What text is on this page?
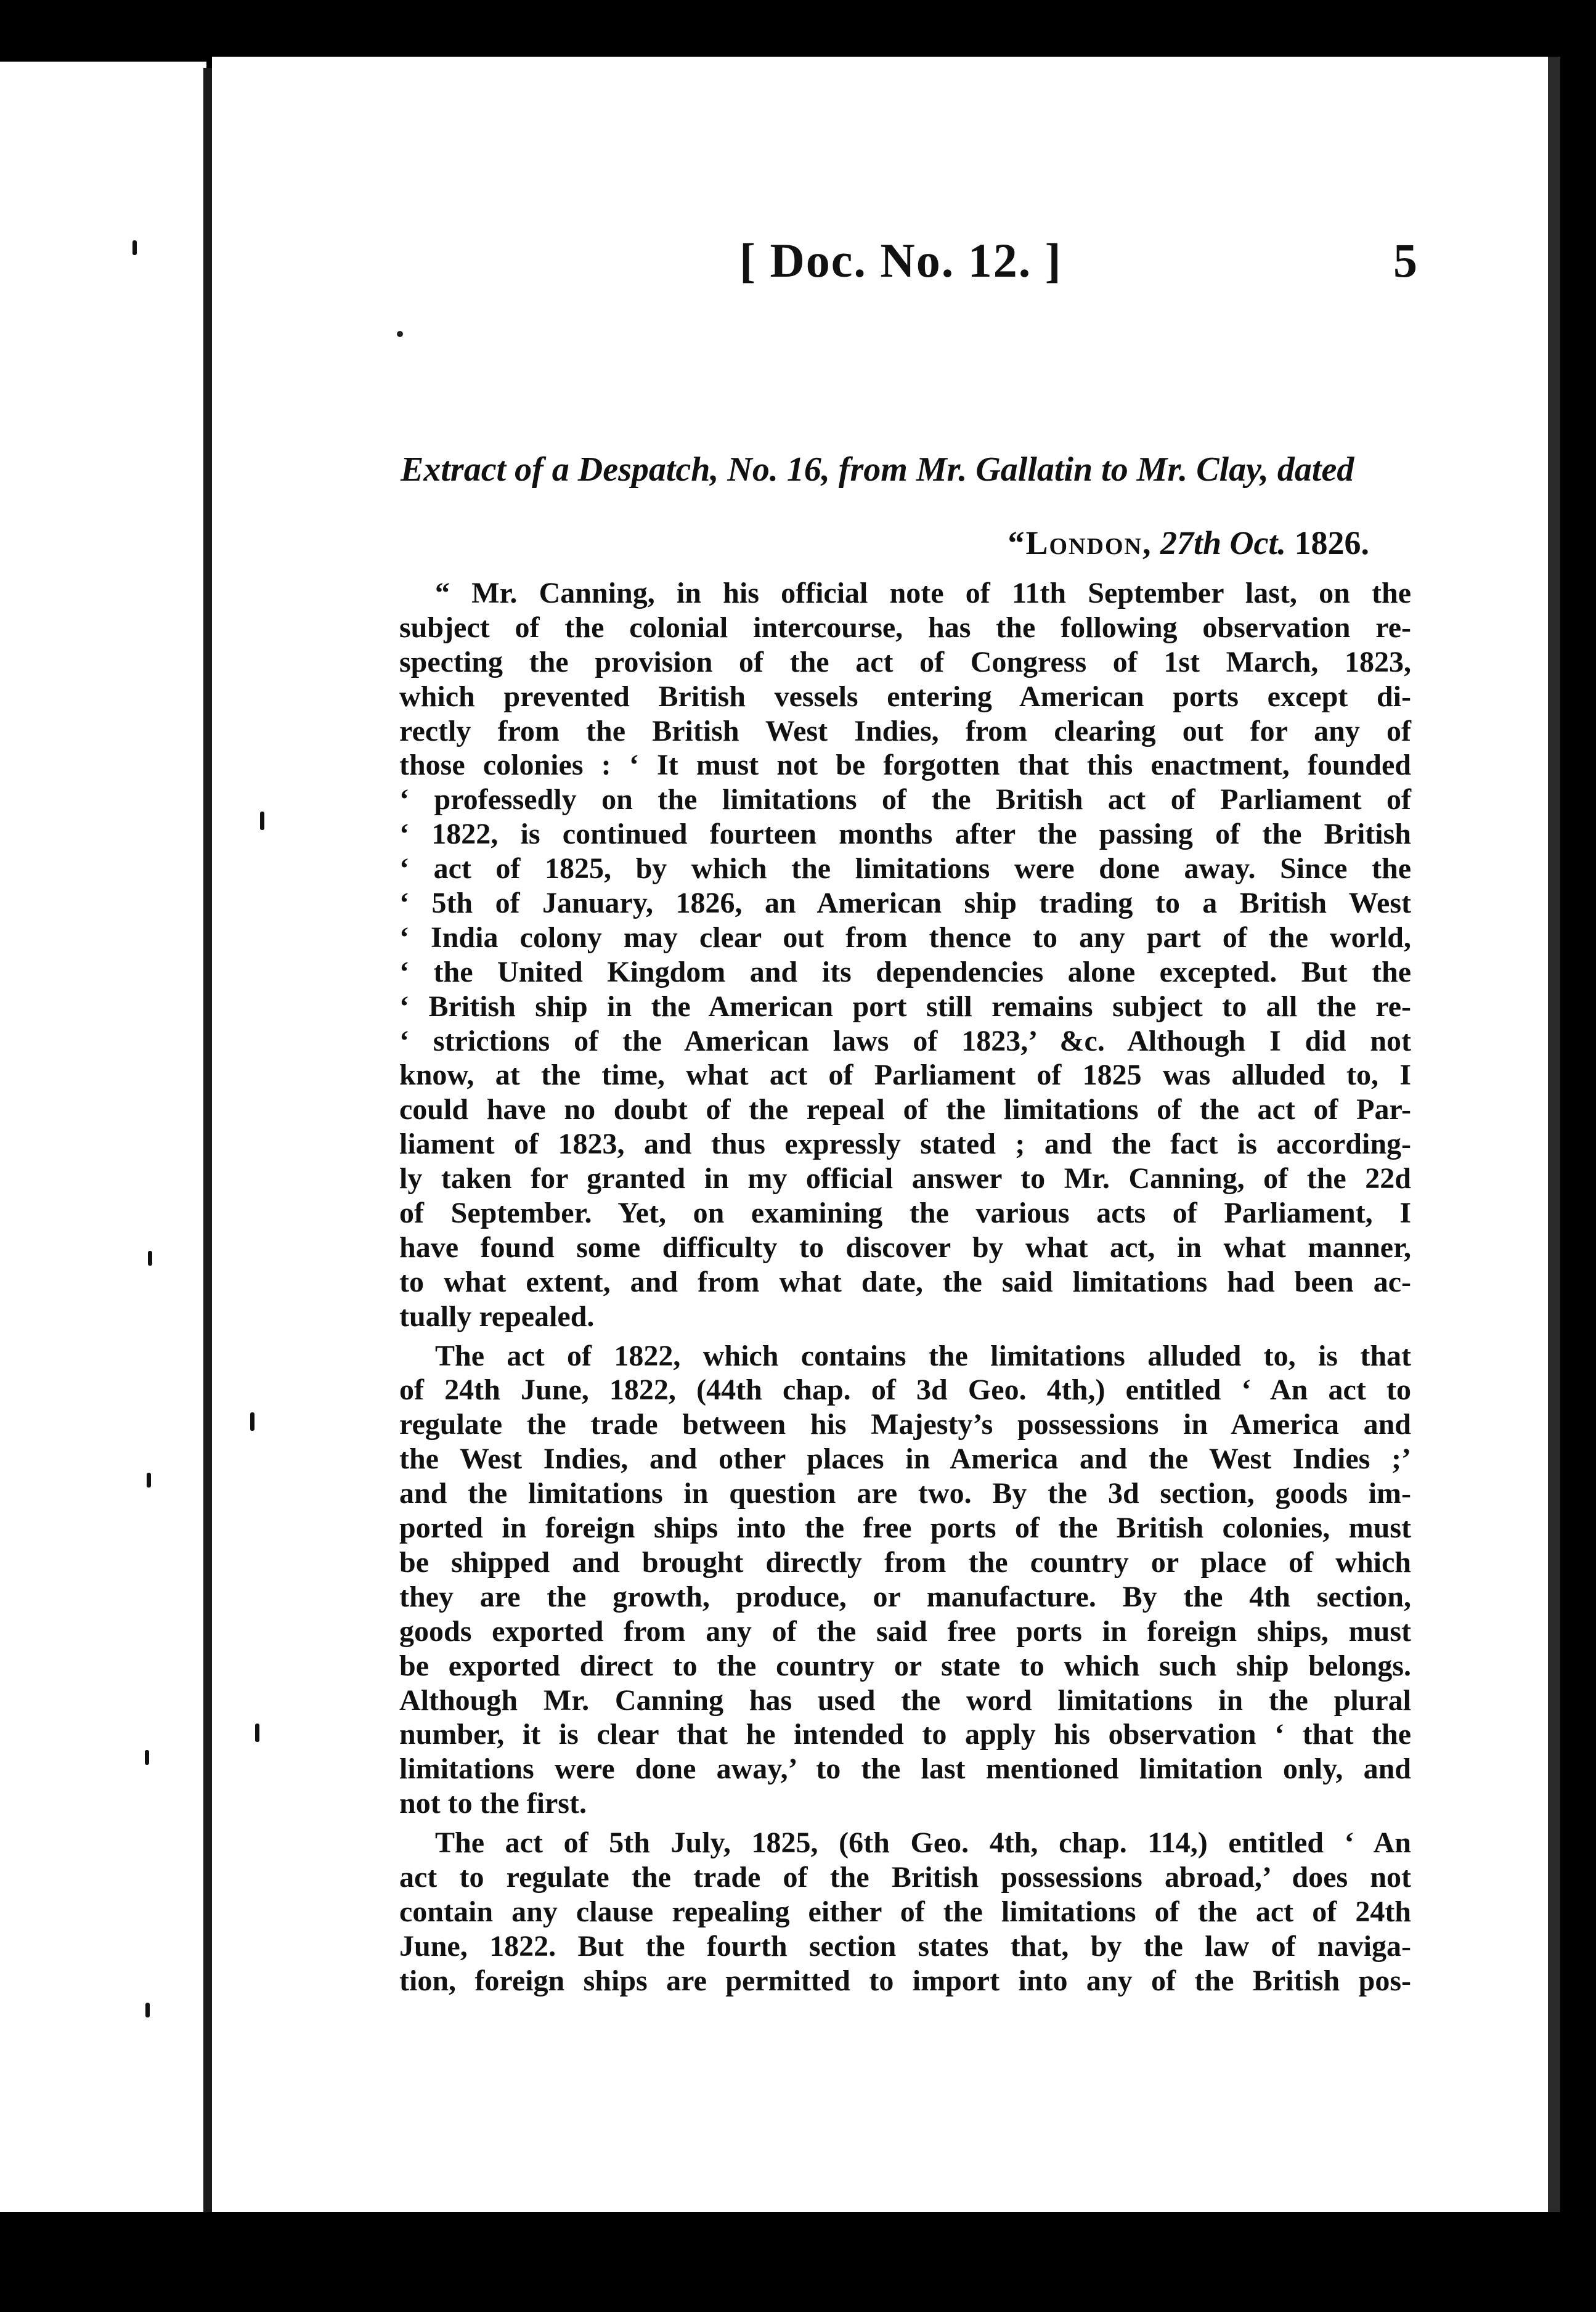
[ Doc. No. 12. ]	5
Extract of a Despatch, No. 16, from Mr. Gallatin to Mr. Clay, dated
“London, 27th Oct. 1826.
“ Mr. Canning, in his official note of 11th September last, on the
subject of the colonial intercourse, has the following observation re-
specting the provision of the act of Congress of 1st March, 1823,
which prevented British vessels entering American ports except di-
rectly from the British West Indies, from clearing out for any of
those colonies : ‘ It must not be forgotten that this enactment, founded
‘ professedly on the limitations of the British act of Parliament of
‘ 1822, is continued fourteen months after the passing of the British
‘ act of 1825, by which the limitations were done away. Since the
‘ 5th of January, 1826, an American ship trading to a British West
‘ India colony may clear out from thence to any part of the world,
‘ the United Kingdom and its dependencies alone excepted. But the
‘ British ship in the American port still remains subject to all the re-
‘ strictions of the American laws of 1823,’ &c. Although I did not
know, at the time, what act of Parliament of 1825 was alluded to, I
could have no doubt of the repeal of the limitations of the act of Par-
liament of 1823, and thus expressly stated ; and the fact is according-
ly taken for granted in my official answer to Mr. Canning, of the 22d
of September. Yet, on examining the various acts of Parliament, I
have found some difficulty to discover by what act, in what manner,
to what extent, and from what date, the said limitations had been ac-
tually repealed.
The act of 1822, which contains the limitations alluded to, is that
of 24th June, 1822, (44th chap. of 3d Geo. 4th,) entitled ‘ An act to
regulate the trade between his Majesty’s possessions in America and
the West Indies, and other places in America and the West Indies ;’
and the limitations in question are two. By the 3d section, goods im-
ported in foreign ships into the free ports of the British colonies, must
be shipped and brought directly from the country or place of which
they are the growth, produce, or manufacture. By the 4th section,
goods exported from any of the said free ports in foreign ships, must
be exported direct to the country or state to which such ship belongs.
Although Mr. Canning has used the word limitations in the plural
number, it is clear that he intended to apply his observation ‘ that the
limitations were done away,’ to the last mentioned limitation only, and
not to the first.
The act of 5th July, 1825, (6th Geo. 4th, chap. 114,) entitled ‘ An
act to regulate the trade of the British possessions abroad,’ does not
contain any clause repealing either of the limitations of the act of 24th
June, 1822. But the fourth section states that, by the law of naviga-
tion, foreign ships are permitted to import into any of the British pos-
